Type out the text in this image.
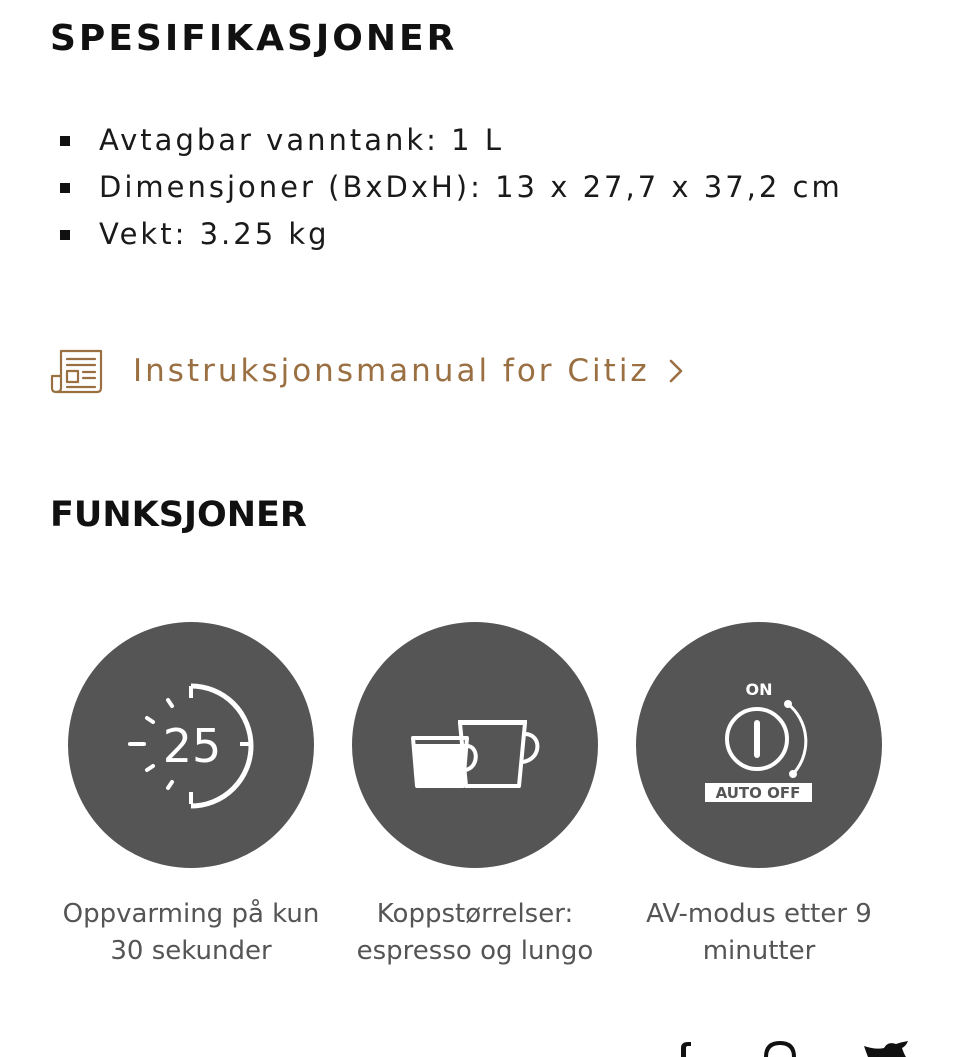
SPESIFIKASJONER
Avtagbar vanntank: 1 L
Dimensjoner (BxDxH): 13 x 27,7 x 37,2 cm
Vekt: 3.25 kg
Instruksjonsmanual for Citiz
FUNKSJONER
25
Oppvarming på kun
30 sekunder
Koppstørrelser:
espresso og lungo
ON
AUTO OFF
AV-modus etter 9
minutter
